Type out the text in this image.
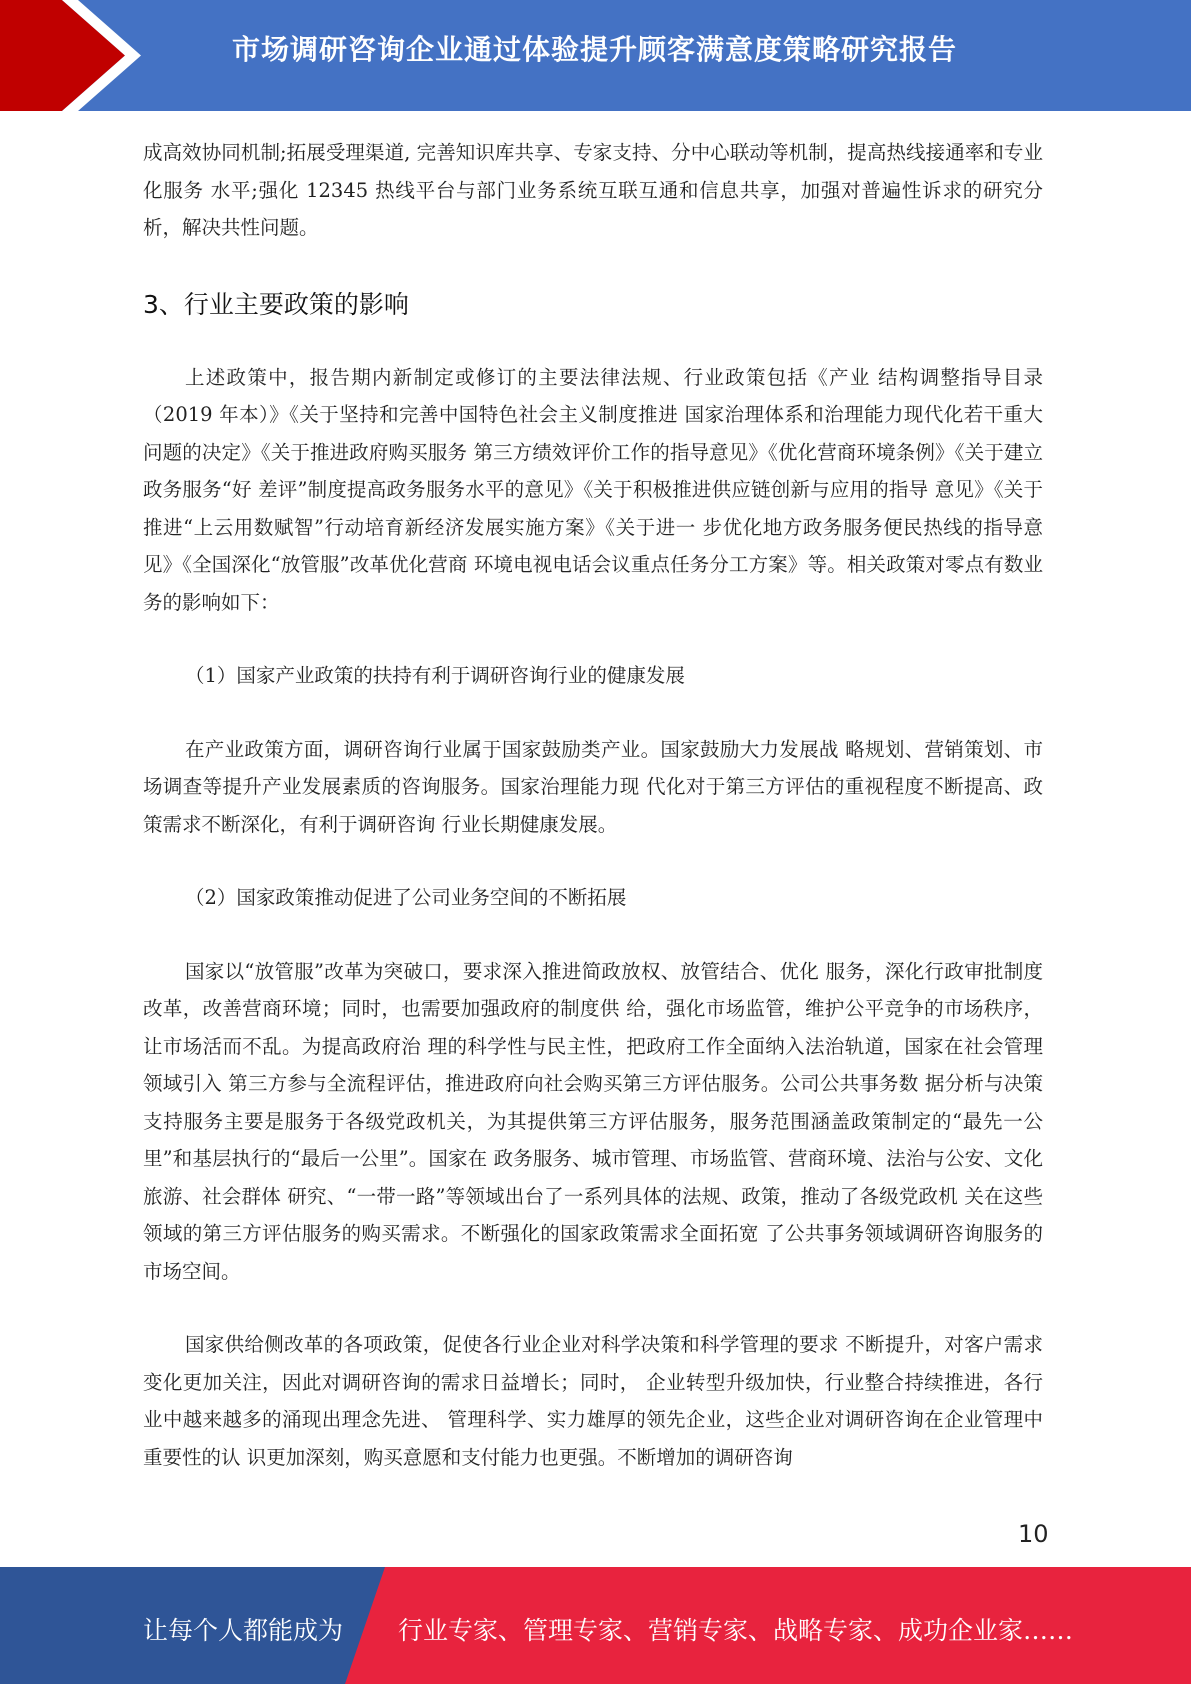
市场调研咨询企业通过体验提升顾客满意度策略研究报告

成高效协同机制;拓展受理渠道, 完善知识库共享、专家支持、分中心联动等机制，提高热线接通率和专业化服务 水平;强化 12345 热线平台与部门业务系统互联互通和信息共享，加强对普遍性诉求的研究分析，解决共性问题。

3、行业主要政策的影响

上述政策中，报告期内新制定或修订的主要法律法规、行业政策包括《产业 结构调整指导目录（2019 年本）》《关于坚持和完善中国特色社会主义制度推进 国家治理体系和治理能力现代化若干重大问题的决定》《关于推进政府购买服务 第三方绩效评价工作的指导意见》《优化营商环境条例》《关于建立政务服务“好 差评”制度提高政务服务水平的意见》《关于积极推进供应链创新与应用的指导 意见》《关于推进“上云用数赋智”行动培育新经济发展实施方案》《关于进一 步优化地方政务服务便民热线的指导意见》《全国深化“放管服”改革优化营商 环境电视电话会议重点任务分工方案》等。相关政策对零点有数业务的影响如下：

（1）国家产业政策的扶持有利于调研咨询行业的健康发展

在产业政策方面，调研咨询行业属于国家鼓励类产业。国家鼓励大力发展战 略规划、营销策划、市场调查等提升产业发展素质的咨询服务。国家治理能力现 代化对于第三方评估的重视程度不断提高、政策需求不断深化，有利于调研咨询 行业长期健康发展。

（2）国家政策推动促进了公司业务空间的不断拓展

国家以“放管服”改革为突破口，要求深入推进简政放权、放管结合、优化 服务，深化行政审批制度改革，改善营商环境；同时，也需要加强政府的制度供 给，强化市场监管，维护公平竞争的市场秩序，让市场活而不乱。为提高政府治 理的科学性与民主性，把政府工作全面纳入法治轨道，国家在社会管理领域引入 第三方参与全流程评估，推进政府向社会购买第三方评估服务。公司公共事务数 据分析与决策支持服务主要是服务于各级党政机关，为其提供第三方评估服务，服务范围涵盖政策制定的“最先一公里”和基层执行的“最后一公里”。国家在 政务服务、城市管理、市场监管、营商环境、法治与公安、文化旅游、社会群体 研究、“一带一路”等领域出台了一系列具体的法规、政策，推动了各级党政机 关在这些领域的第三方评估服务的购买需求。不断强化的国家政策需求全面拓宽 了公共事务领域调研咨询服务的市场空间。

国家供给侧改革的各项政策，促使各行业企业对科学决策和科学管理的要求 不断提升，对客户需求变化更加关注，因此对调研咨询的需求日益增长；同时， 企业转型升级加快，行业整合持续推进，各行业中越来越多的涌现出理念先进、 管理科学、实力雄厚的领先企业，这些企业对调研咨询在企业管理中重要性的认 识更加深刻，购买意愿和支付能力也更强。不断增加的调研咨询

10
让每个人都能成为 行业专家、管理专家、营销专家、战略专家、成功企业家……
